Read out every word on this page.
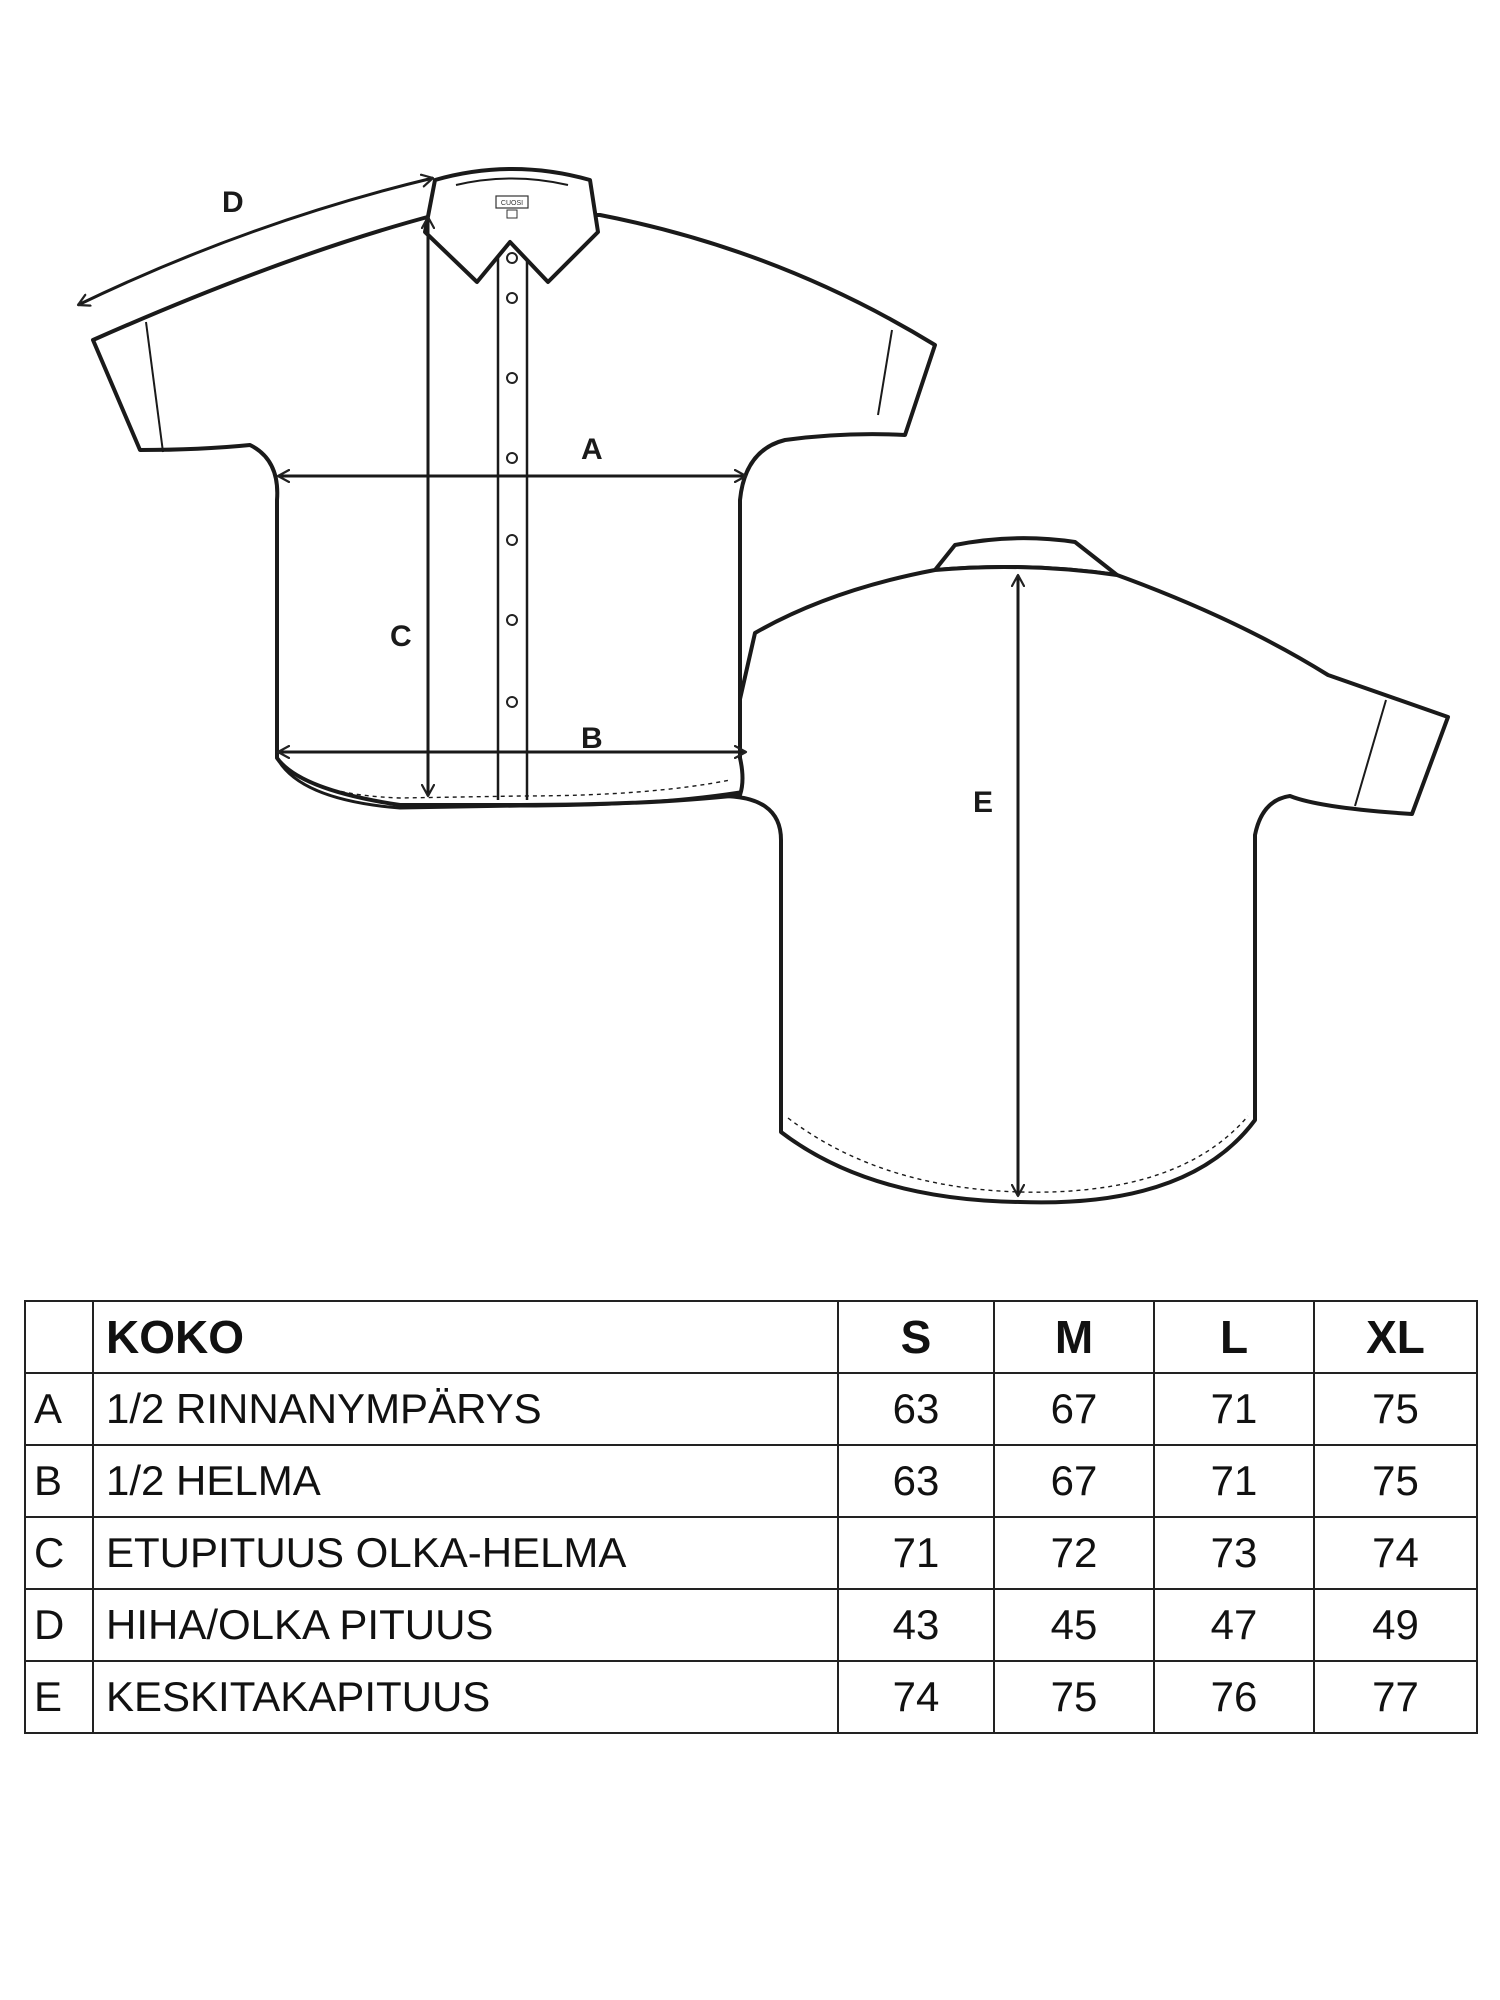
CUOSI
D
A
C
B
E
	KOKO	S	M	L	XL
A	1/2 RINNANYMPÄRYS	63	67	71	75
B	1/2 HELMA	63	67	71	75
C	ETUPITUUS OLKA-HELMA	71	72	73	74
D	HIHA/OLKA PITUUS	43	45	47	49
E	KESKITAKAPITUUS	74	75	76	77
